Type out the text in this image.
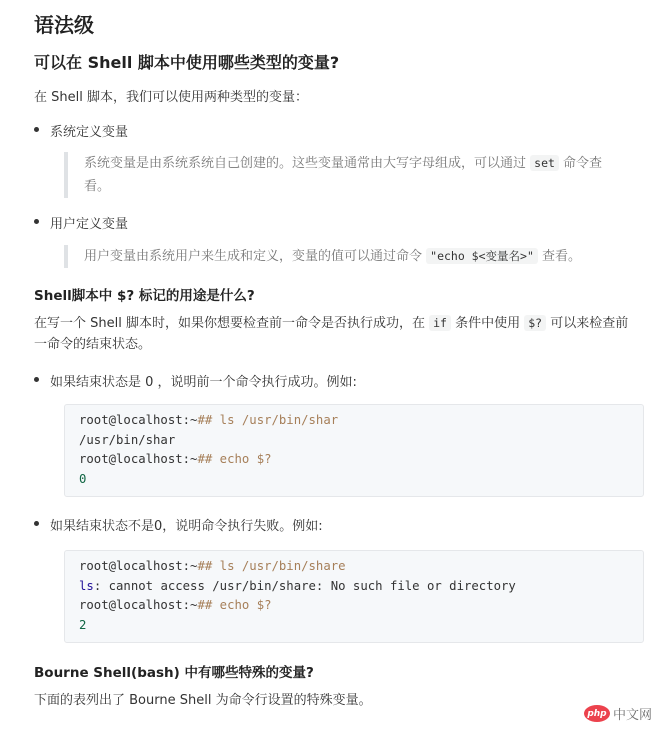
语法级
可以在 Shell 脚本中使用哪些类型的变量?

在 Shell 脚本，我们可以使用两种类型的变量：

系统定义变量
系统变量是由系统系统自己创建的。这些变量通常由大写字母组成，可以通过 set 命令查
看。
用户定义变量
用户变量由系统用户来生成和定义，变量的值可以通过命令 "echo $<变量名>" 查看。
Shell脚本中 $? 标记的用途是什么?

在写一个 Shell 脚本时，如果你想要检查前一命令是否执行成功，在 if 条件中使用 $? 可以来检查前
一命令的结束状态。

如果结束状态是 0 ，说明前一个命令执行成功。例如:
root@localhost:~## ls /usr/bin/shar
/usr/bin/shar
root@localhost:~## echo $?
0
如果结束状态不是0，说明命令执行失败。例如:
root@localhost:~## ls /usr/bin/share
ls: cannot access /usr/bin/share: No such file or directory
root@localhost:~## echo $?
2
Bourne Shell(bash) 中有哪些特殊的变量?

下面的表列出了 Bourne Shell 为命令行设置的特殊变量。

php 中文网
